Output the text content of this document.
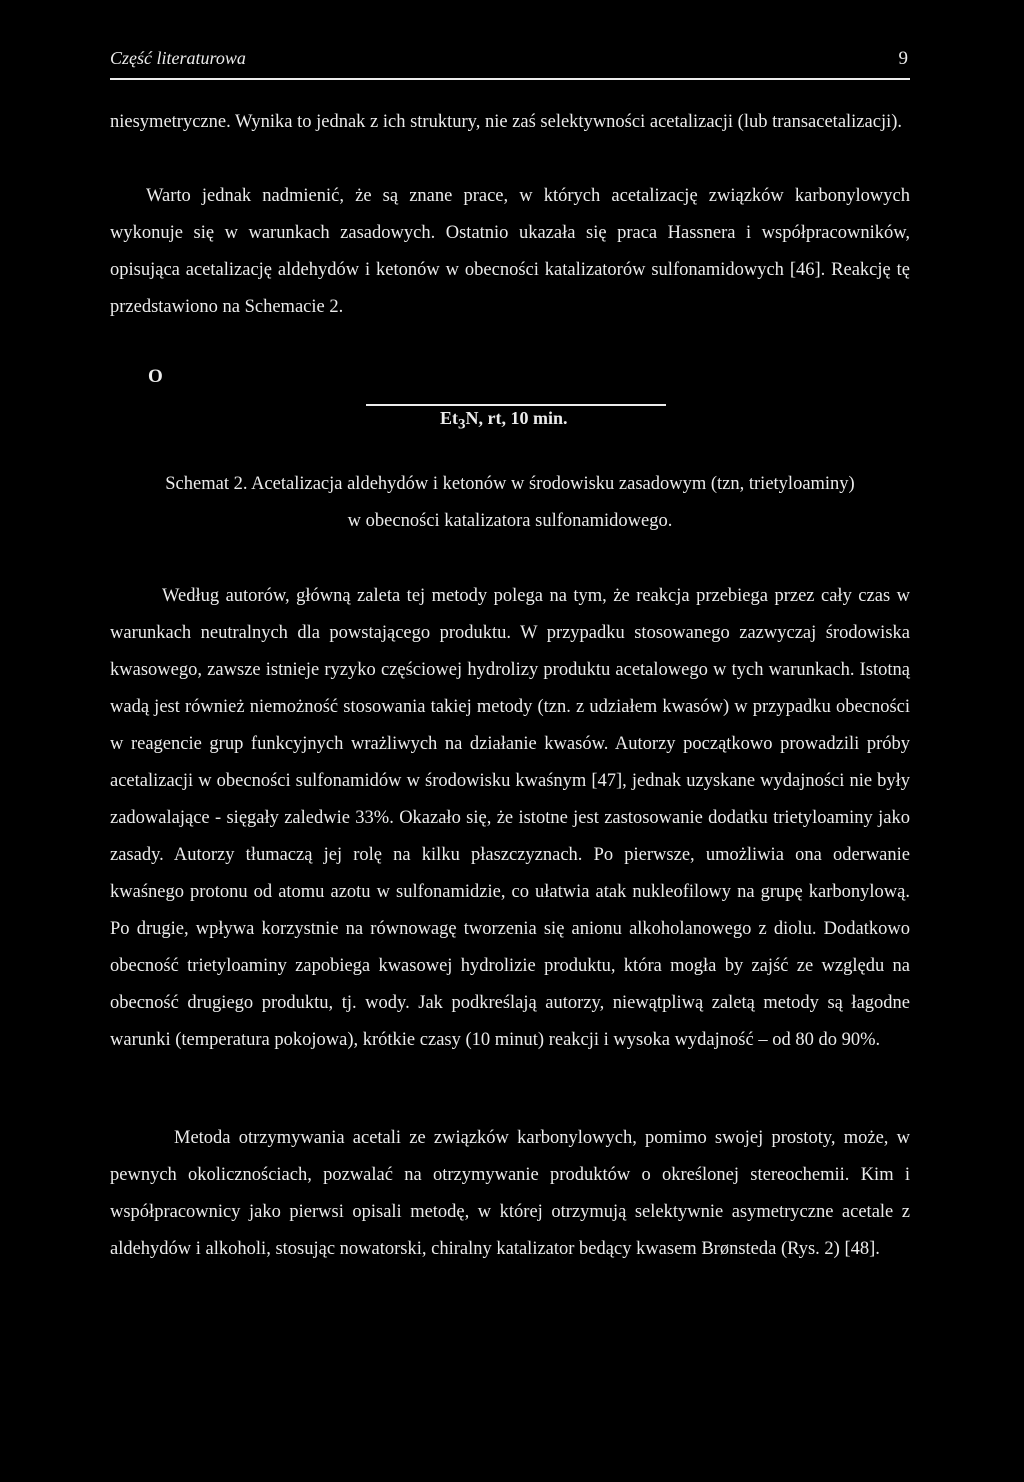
Część literaturowa	9

niesymetryczne. Wynika to jednak z ich struktury, nie zaś selektywności acetalizacji (lub transacetalizacji).

Warto jednak nadmienić, że są znane prace, w których acetalizację związków karbonylowych wykonuje się w warunkach zasadowych. Ostatnio ukazała się praca Hassnera i współpracowników, opisująca acetalizację aldehydów i ketonów w obecności katalizatorów sulfonamidowych [46]. Reakcję tę przedstawiono na Schemacie 2.

O
$Et_3N$, rt, 10 min.
Schemat 2. Acetalizacja aldehydów i ketonów w środowisku zasadowym (tzn, trietyloaminy)
w obecności katalizatora sulfonamidowego.

Według autorów, główną zaleta tej metody polega na tym, że reakcja przebiega przez cały czas w warunkach neutralnych dla powstającego produktu. W przypadku stosowanego zazwyczaj środowiska kwasowego, zawsze istnieje ryzyko częściowej hydrolizy produktu acetalowego w tych warunkach. Istotną wadą jest również niemożność stosowania takiej metody (tzn. z udziałem kwasów) w przypadku obecności w reagencie grup funkcyjnych wrażliwych na działanie kwasów. Autorzy początkowo prowadzili próby acetalizacji w obecności sulfonamidów w środowisku kwaśnym [47], jednak uzyskane wydajności nie były zadowalające - sięgały zaledwie 33%. Okazało się, że istotne jest zastosowanie dodatku trietyloaminy jako zasady. Autorzy tłumaczą jej rolę na kilku płaszczyznach. Po pierwsze, umożliwia ona oderwanie kwaśnego protonu od atomu azotu w sulfonamidzie, co ułatwia atak nukleofilowy na grupę karbonylową. Po drugie, wpływa korzystnie na równowagę tworzenia się anionu alkoholanowego z diolu. Dodatkowo obecność trietyloaminy zapobiega kwasowej hydrolizie produktu, która mogła by zajść ze względu na obecność drugiego produktu, tj. wody. Jak podkreślają autorzy, niewątpliwą zaletą metody są łagodne warunki (temperatura pokojowa), krótkie czasy (10 minut) reakcji i wysoka wydajność – od 80 do 90%.

Metoda otrzymywania acetali ze związków karbonylowych, pomimo swojej prostoty, może, w pewnych okolicznościach, pozwalać na otrzymywanie produktów o określonej stereochemii. Kim i współpracownicy jako pierwsi opisali metodę, w której otrzymują selektywnie asymetryczne acetale z aldehydów i alkoholi, stosując nowatorski, chiralny katalizator bedący kwasem Brønsteda (Rys. 2) [48].
